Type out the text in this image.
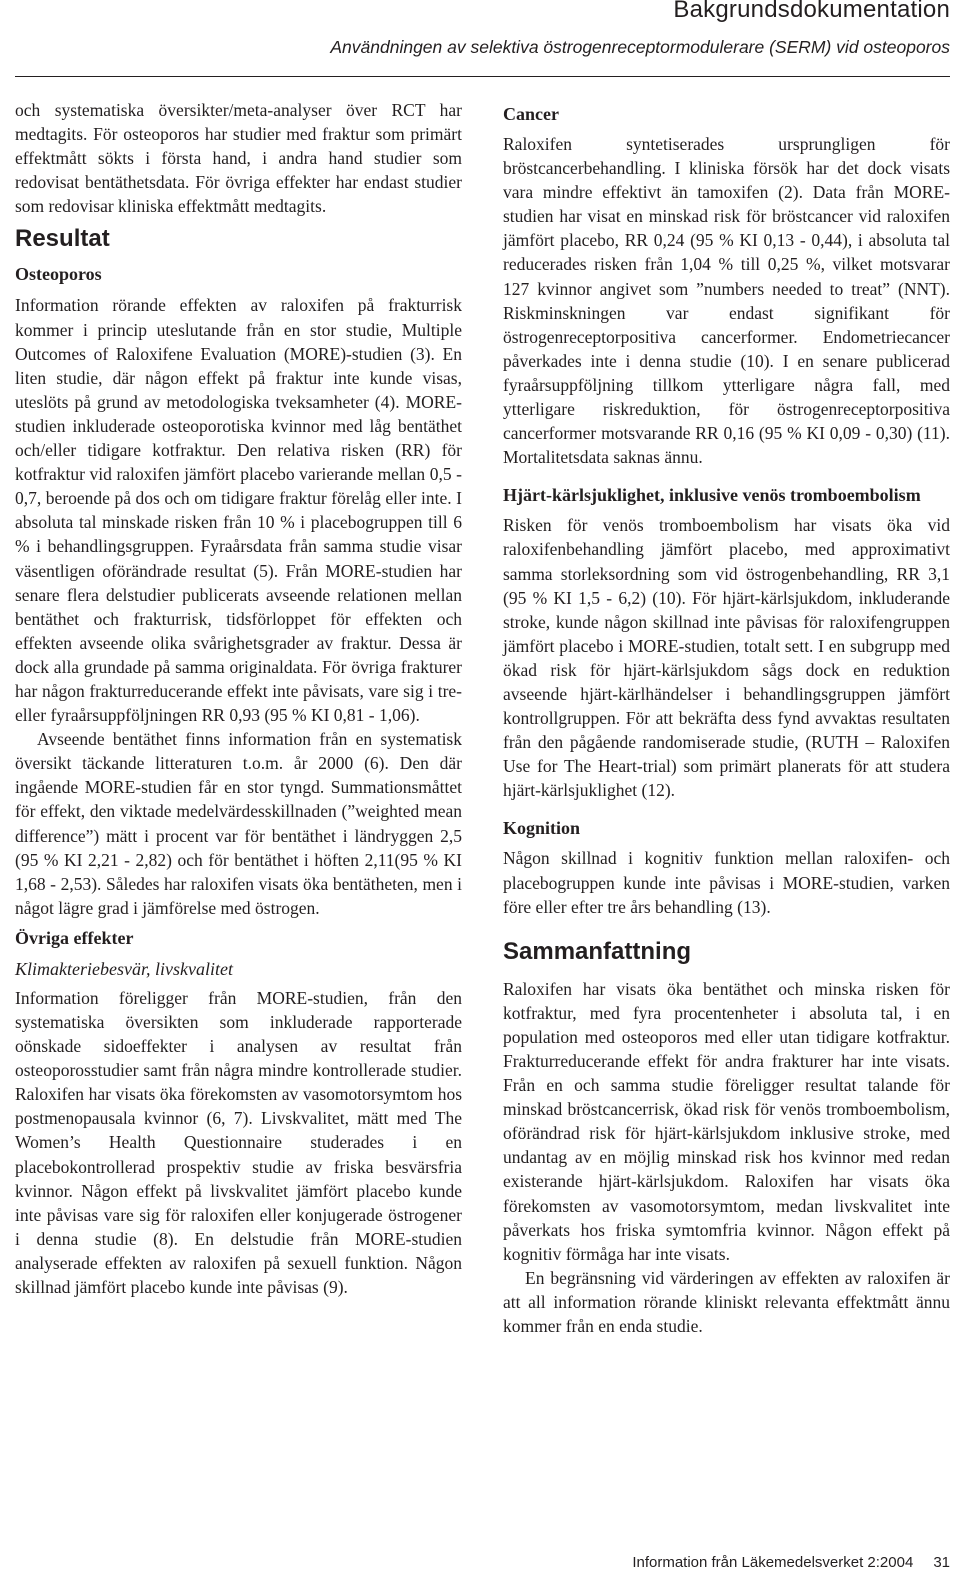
Bakgrundsdokumentation

Användningen av selektiva östrogenreceptormodulerare (SERM) vid osteoporos

och systematiska översikter/meta-analyser över RCT har medtagits. För osteoporos har studier med fraktur som primärt effektmått sökts i första hand, i andra hand studier som redovisat bentäthetsdata. För övriga effekter har endast studier som redovisar kliniska effektmått medtagits.

Resultat
Osteoporos

Information rörande effekten av raloxifen på frakturrisk kommer i princip uteslutande från en stor studie, Multiple Outcomes of Raloxifene Evaluation (MORE)-studien (3). En liten studie, där någon effekt på fraktur inte kunde visas, uteslöts på grund av metodologiska tveksamheter (4). MORE-studien inkluderade osteoporotiska kvinnor med låg bentäthet och/eller tidigare kotfraktur. Den relativa risken (RR) för kotfraktur vid raloxifen jämfört placebo varierande mellan 0,5 - 0,7, beroende på dos och om tidigare fraktur förelåg eller inte. I absoluta tal minskade risken från 10 % i placebogruppen till 6 % i behandlingsgruppen. Fyraårsdata från samma studie visar väsentligen oförändrade resultat (5). Från MORE-studien har senare flera delstudier publicerats avseende relationen mellan bentäthet och frakturrisk, tidsförloppet för effekten och effekten avseende olika svårighetsgrader av fraktur. Dessa är dock alla grundade på samma originaldata. För övriga frakturer har någon frakturreducerande effekt inte påvisats, vare sig i tre- eller fyraårsuppföljningen RR 0,93 (95 % KI 0,81 - 1,06).

Avseende bentäthet finns information från en systematisk översikt täckande litteraturen t.o.m. år 2000 (6). Den där ingående MORE-studien får en stor tyngd. Summationsmåttet för effekt, den viktade medelvärdesskillnaden (”weighted mean difference”) mätt i procent var för bentäthet i ländryggen 2,5 (95 % KI 2,21 - 2,82) och för bentäthet i höften 2,11(95 % KI 1,68 - 2,53). Således har raloxifen visats öka bentätheten, men i något lägre grad i jämförelse med östrogen.

Övriga effekter
Klimakteriebesvär, livskvalitet

Information föreligger från MORE-studien, från den systematiska översikten som inkluderade rapporterade oönskade sidoeffekter i analysen av resultat från osteoporosstudier samt från några mindre kontrollerade studier. Raloxifen har visats öka förekomsten av vasomotorsymtom hos postmenopausala kvinnor (6, 7). Livskvalitet, mätt med The Women’s Health Questionnaire studerades i en placebokontrollerad prospektiv studie av friska besvärsfria kvinnor. Någon effekt på livskvalitet jämfört placebo kunde inte påvisas vare sig för raloxifen eller konjugerade östrogener i denna studie (8). En delstudie från MORE-studien analyserade effekten av raloxifen på sexuell funktion. Någon skillnad jämfört placebo kunde inte påvisas (9).

Cancer

Raloxifen syntetiserades ursprungligen för bröstcancerbehandling. I kliniska försök har det dock visats vara mindre effektivt än tamoxifen (2). Data från MORE-studien har visat en minskad risk för bröstcancer vid raloxifen jämfört placebo, RR 0,24 (95 % KI 0,13 - 0,44), i absoluta tal reducerades risken från 1,04 % till 0,25 %, vilket motsvarar 127 kvinnor angivet som ”numbers needed to treat” (NNT). Riskminskningen var endast signifikant för östrogenreceptorpositiva cancerformer. Endometriecancer påverkades inte i denna studie (10). I en senare publicerad fyraårsuppföljning tillkom ytterligare några fall, med ytterligare riskreduktion, för östrogenreceptorpositiva cancerformer motsvarande RR 0,16 (95 % KI 0,09 - 0,30) (11). Mortalitetsdata saknas ännu.

Hjärt-kärlsjuklighet, inklusive venös tromboembolism

Risken för venös tromboembolism har visats öka vid raloxifenbehandling jämfört placebo, med approximativt samma storleksordning som vid östrogenbehandling, RR 3,1 (95 % KI 1,5 - 6,2) (10). För hjärt-kärlsjukdom, inkluderande stroke, kunde någon skillnad inte påvisas för raloxifengruppen jämfört placebo i MORE-studien, totalt sett. I en subgrupp med ökad risk för hjärt-kärlsjukdom sågs dock en reduktion avseende hjärt-kärlhändelser i behandlingsgruppen jämfört kontrollgruppen. För att bekräfta dess fynd avvaktas resultaten från den pågående randomiserade studie, (RUTH – Raloxifen Use for The Heart-trial) som primärt planerats för att studera hjärt-kärlsjuklighet (12).

Kognition

Någon skillnad i kognitiv funktion mellan raloxifen- och placebogruppen kunde inte påvisas i MORE-studien, varken före eller efter tre års behandling (13).

Sammanfattning

Raloxifen har visats öka bentäthet och minska risken för kotfraktur, med fyra procentenheter i absoluta tal, i en population med osteoporos med eller utan tidigare kotfraktur. Frakturreducerande effekt för andra frakturer har inte visats. Från en och samma studie föreligger resultat talande för minskad bröstcancerrisk, ökad risk för venös tromboembolism, oförändrad risk för hjärt-kärlsjukdom inklusive stroke, med undantag av en möjlig minskad risk hos kvinnor med redan existerande hjärt-kärlsjukdom. Raloxifen har visats öka förekomsten av vasomotorsymtom, medan livskvalitet inte påverkats hos friska symtomfria kvinnor. Någon effekt på kognitiv förmåga har inte visats.

En begränsning vid värderingen av effekten av raloxifen är att all information rörande kliniskt relevanta effektmått ännu kommer från en enda studie.

Information från Läkemedelsverket 2:2004 31
